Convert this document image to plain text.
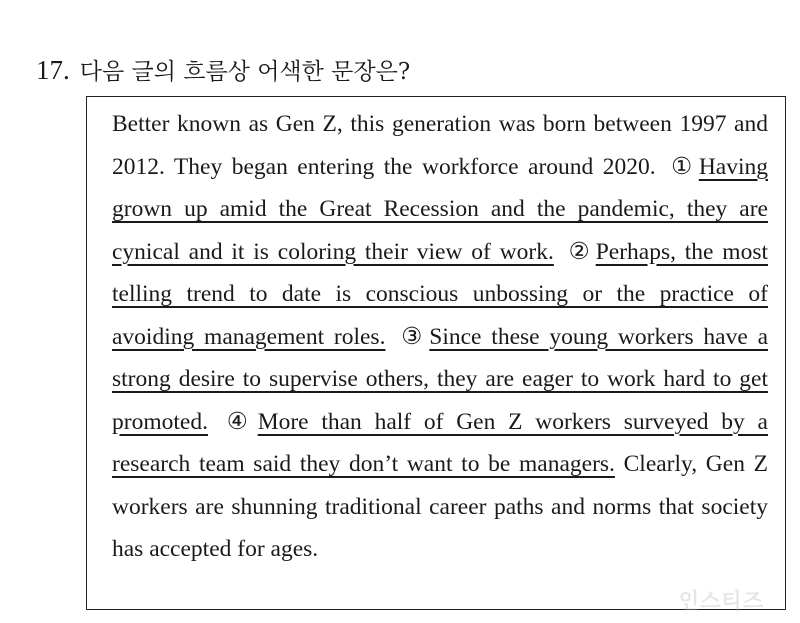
17. 다음 글의 흐름상 어색한 문장은?
Better known as Gen Z, this generation was born between 1997 and 2012. They began entering the workforce around 2020. ① Having grown up amid the Great Recession and the pandemic, they are cynical and it is coloring their view of work. ② Perhaps, the most telling trend to date is conscious unbossing or the practice of avoiding management roles. ③ Since these young workers have a strong desire to supervise others, they are eager to work hard to get promoted. ④ More than half of Gen Z workers surveyed by a research team said they don’t want to be managers. Clearly, Gen Z workers are shunning traditional career paths and norms that society has accepted for ages.
인스티즈
